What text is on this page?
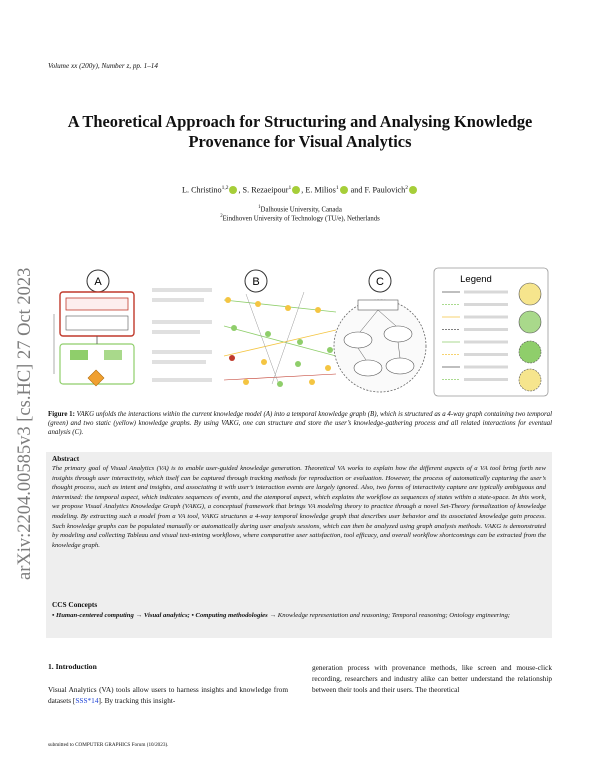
Volume xx (200y), Number z, pp. 1–14
arXiv:2204.00585v3 [cs.HC] 27 Oct 2023
A Theoretical Approach for Structuring and Analysing Knowledge
Provenance for Visual Analytics
L. Christino$^{1,2}$ , S. Rezaeipour$^1$ , E. Milios$^1$ and F. Paulovich$^2$
$^1$Dalhousie University, Canada
$^2$Eindhoven University of Technology (TU/e), Netherlands
A	B	C	Legend
Figure 1: VAKG unfolds the interactions within the current knowledge model (A) into a temporal knowledge graph (B), which is structured as a 4-way graph containing two temporal (green) and two static (yellow) knowledge graphs. By using VAKG, one can structure and store the user’s knowledge-gathering process and all related interactions for eventual analysis (C).
Abstract
The primary goal of Visual Analytics (VA) is to enable user-guided knowledge generation. Theoretical VA works to explain how the different aspects of a VA tool bring forth new insights through user interactivity, which itself can be captured through tracking methods for reproduction or evaluation. However, the process of automatically capturing the user’s thought process, such as intent and insights, and associating it with user’s interaction events are largely ignored. Also, two forms of interactivity capture are typically ambiguous and intermixed: the temporal aspect, which indicates sequences of events, and the atemporal aspect, which explains the workflow as sequences of states within a state-space. In this work, we propose Visual Analytics Knowledge Graph (VAKG), a conceptual framework that brings VA modeling theory to practice through a novel Set-Theory formalization of knowledge modeling. By extracting such a model from a VA tool, VAKG structures a 4-way temporal knowledge graph that describes user behavior and its associated knowledge gain process. Such knowledge graphs can be populated manually or automatically during user analysis sessions, which can then be analyzed using graph analysis methods. VAKG is demonstrated by modeling and collecting Tableau and visual text-mining workflows, where comparative user satisfaction, tool efficacy, and overall workflow shortcomings can be extracted from the knowledge graph.
CCS Concepts
• Human-centered computing → Visual analytics; • Computing methodologies → Knowledge representation and reasoning; Temporal reasoning; Ontology engineering;
1. Introduction
Visual Analytics (VA) tools allow users to harness insights and knowledge from datasets [SSS*14]. By tracking this insight-
generation process with provenance methods, like screen and mouse-click recording, researchers and industry alike can better understand the relationship between their tools and their users. The theoretical
submitted to COMPUTER GRAPHICS Forum (10/2023).
